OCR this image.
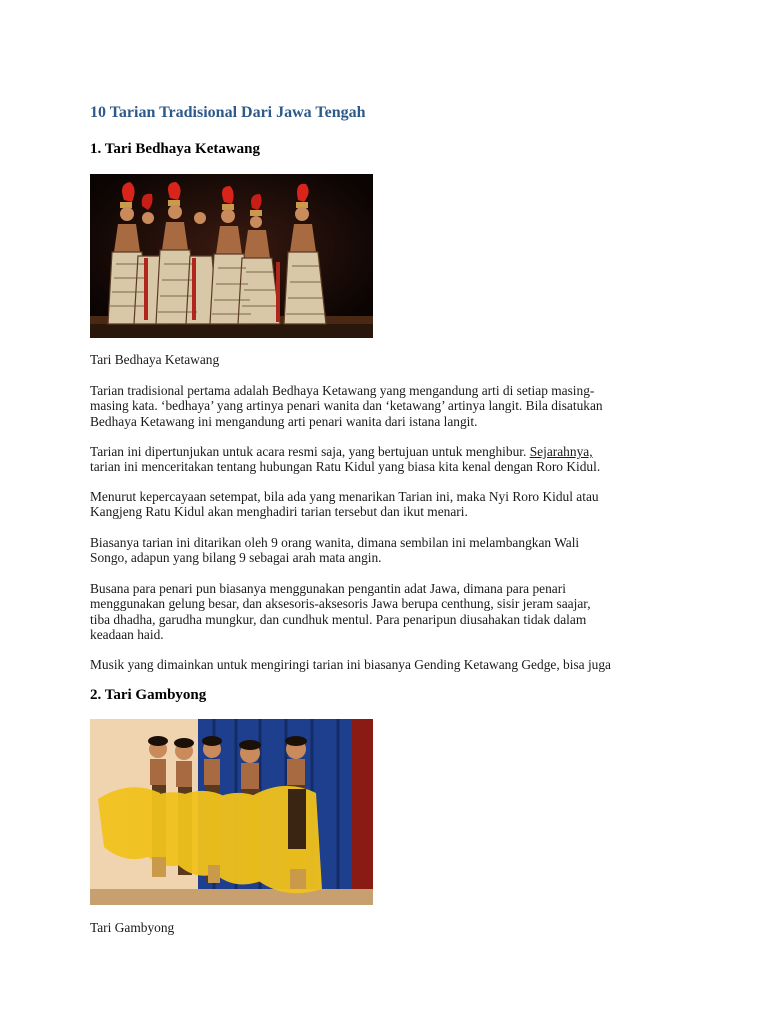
10 Tarian Tradisional Dari Jawa Tengah
1. Tari Bedhaya Ketawang

Tari Bedhaya Ketawang

Tarian tradisional pertama adalah Bedhaya Ketawang yang mengandung arti di setiap masing-
masing kata. ‘bedhaya’ yang artinya penari wanita dan ‘ketawang’ artinya langit. Bila disatukan
Bedhaya Ketawang ini mengandung arti penari wanita dari istana langit.
Tarian ini dipertunjukan untuk acara resmi saja, yang bertujuan untuk menghibur. Sejarahnya,
tarian ini menceritakan tentang hubungan Ratu Kidul yang biasa kita kenal dengan Roro Kidul.
Menurut kepercayaan setempat, bila ada yang menarikan Tarian ini, maka Nyi Roro Kidul atau
Kangjeng Ratu Kidul akan menghadiri tarian tersebut dan ikut menari.
Biasanya tarian ini ditarikan oleh 9 orang wanita, dimana sembilan ini melambangkan Wali
Songo, adapun yang bilang 9 sebagai arah mata angin.
Busana para penari pun biasanya menggunakan pengantin adat Jawa, dimana para penari
menggunakan gelung besar, dan aksesoris-aksesoris Jawa berupa centhung, sisir jeram saajar,
tiba dhadha, garudha mungkur, dan cundhuk mentul. Para penaripun diusahakan tidak dalam
keadaan haid.
Musik yang dimainkan untuk mengiringi tarian ini biasanya Gending Ketawang Gedge, bisa juga
2. Tari Gambyong

Tari Gambyong
